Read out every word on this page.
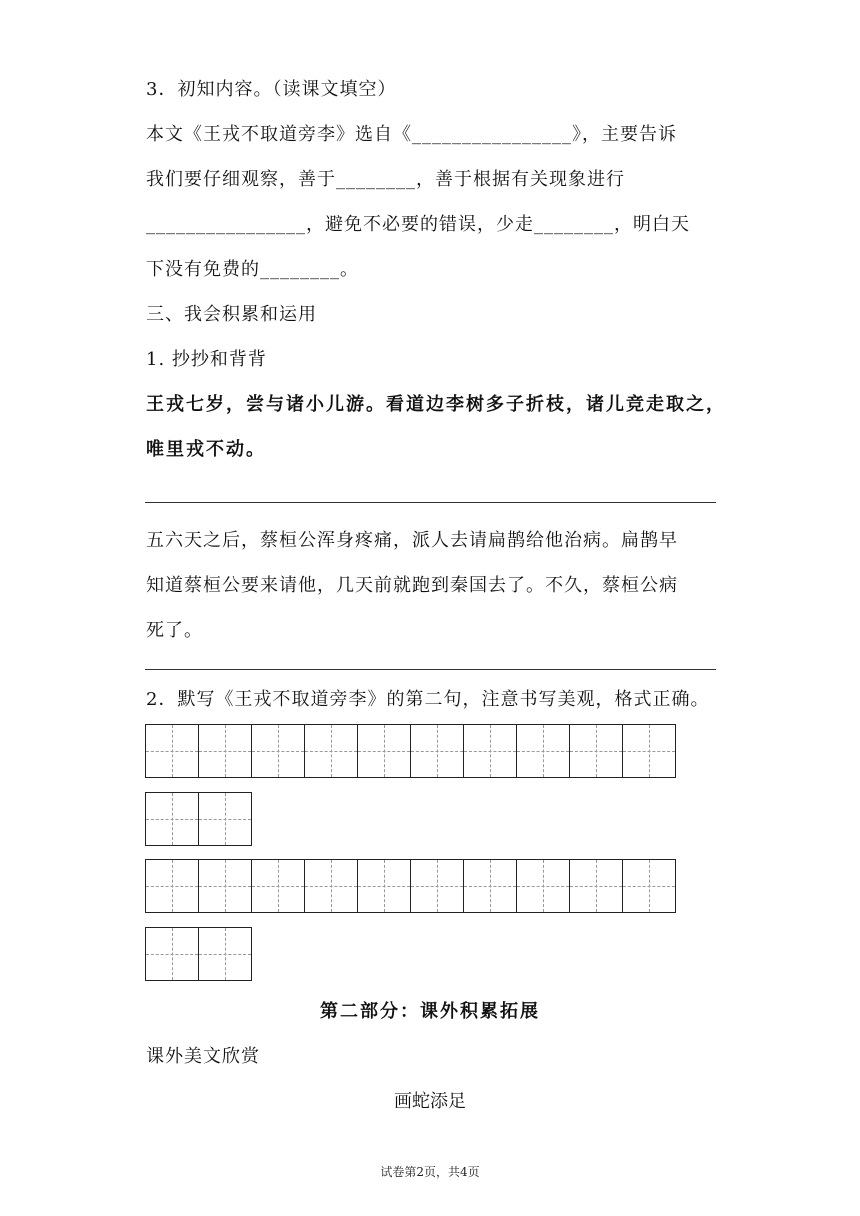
3．初知内容。（读课文填空）
本文《王戎不取道旁李》选自《________________》，主要告诉
我们要仔细观察，善于________，善于根据有关现象进行
________________，避免不必要的错误，少走________，明白天
下没有免费的________。
三、我会积累和运用
1. 抄抄和背背
王戎七岁，尝与诸小儿游。看道边李树多子折枝，诸儿竞走取之，
唯里戎不动。
五六天之后，蔡桓公浑身疼痛，派人去请扁鹊给他治病。扁鹊早
知道蔡桓公要来请他，几天前就跑到秦国去了。不久，蔡桓公病
死了。
2．默写《王戎不取道旁李》的第二句，注意书写美观，格式正确。
第二部分：课外积累拓展
课外美文欣赏
画蛇添足
试卷第2页，共4页
